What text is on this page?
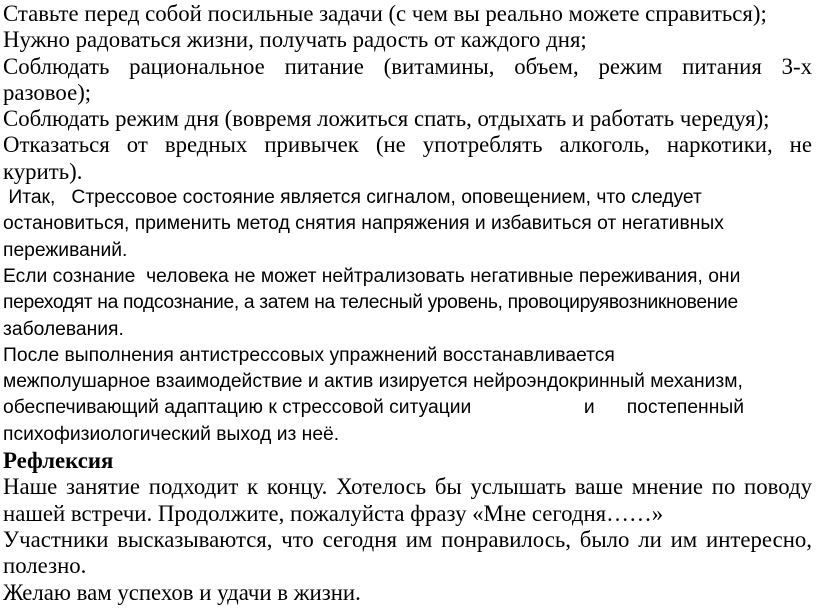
Ставьте перед собой посильные задачи (с чем вы реально можете справиться);
Нужно радоваться жизни, получать радость от каждого дня;
Соблюдать рациональное питание (витамины, объем, режим питания 3-х
разовое);
Соблюдать режим дня (вовремя ложиться спать, отдыхать и работать чередуя);
Отказаться от вредных привычек (не употреблять алкоголь, наркотики, не
курить).
Итак,   Стрессовое состояние является сигналом, оповещением, что следует
остановиться, применить метод снятия напряжения и избавиться от негативных
переживаний.
Если сознание  человека не может нейтрализовать негативные переживания, они
переходят на подсознание, а затем на телесный уровень, провоцируявозникновение
заболевания.
После выполнения антистрессовых упражнений восстанавливается
межполушарное взаимодействие и актив изируется нейроэндокринный механизм,
обеспечивающий адаптацию к стрессовой ситуации                     и      постепенный
психофизиологический выход из неё.
Рефлексия
Наше занятие подходит к концу. Хотелось бы услышать ваше мнение по поводу
нашей встречи. Продолжите, пожалуйста фразу «Мне сегодня……»
Участники высказываются, что сегодня им понравилось, было ли им интересно,
полезно.
Желаю вам успехов и удачи в жизни.
